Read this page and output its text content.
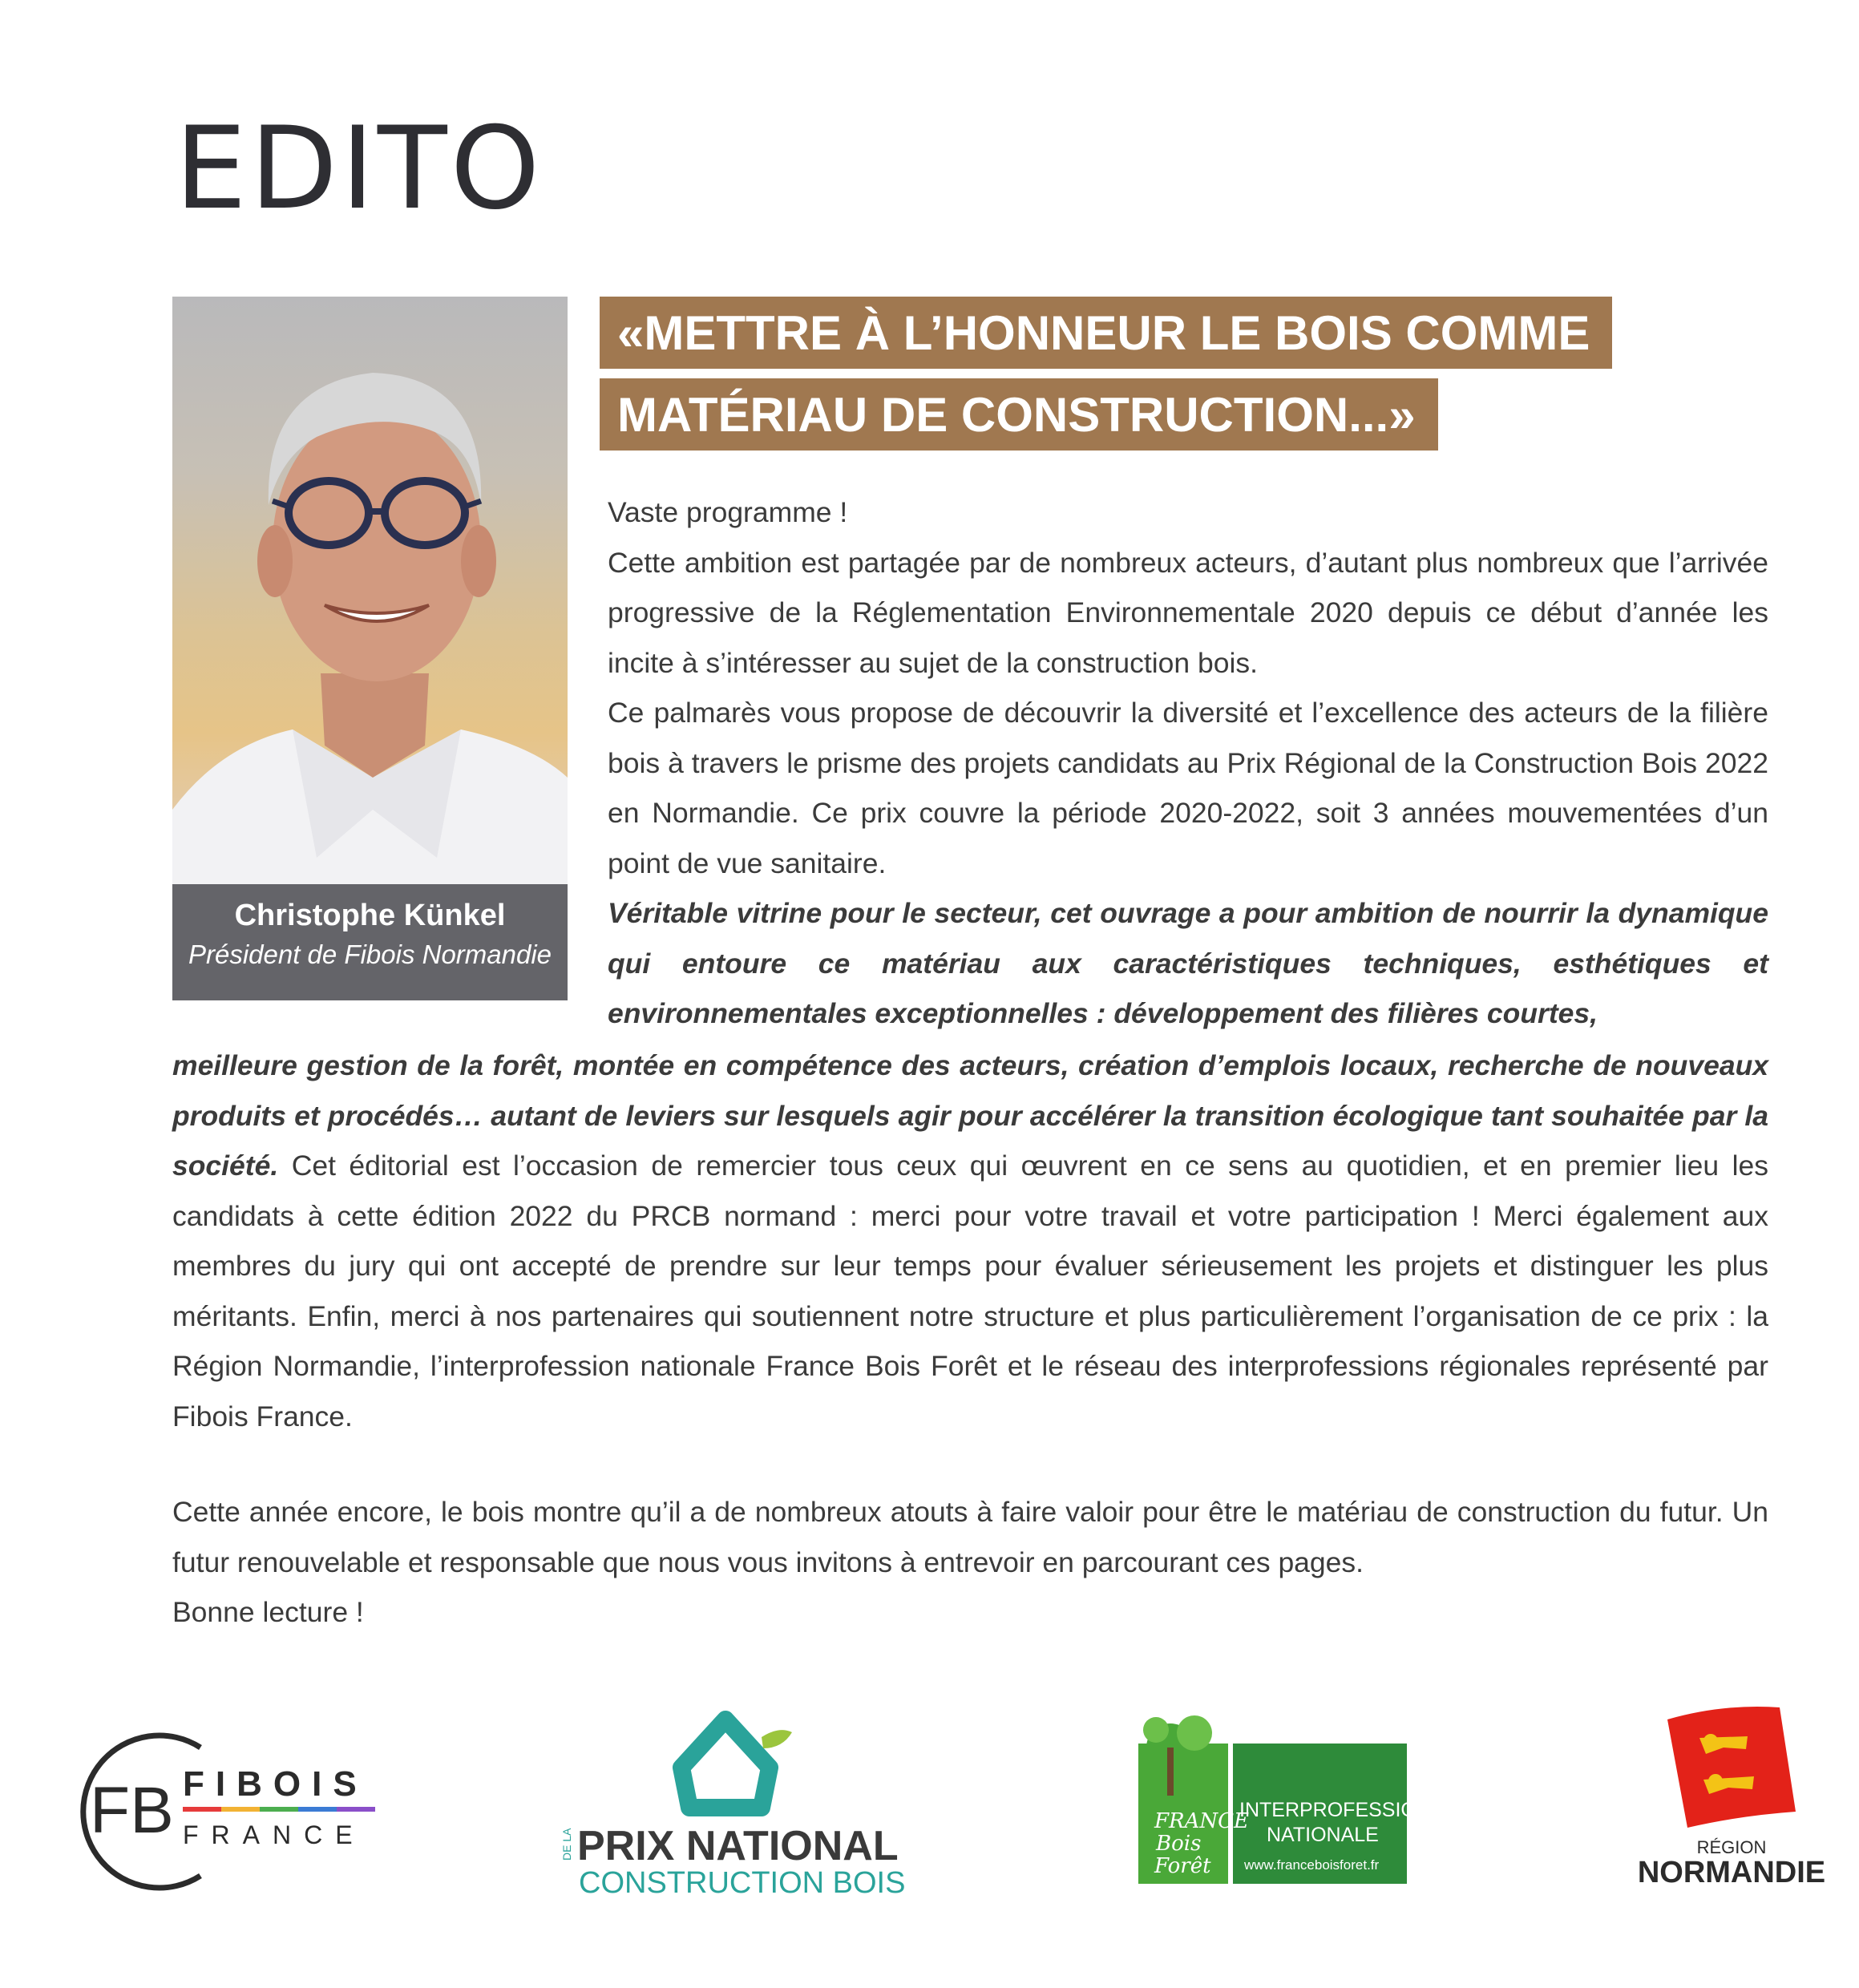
EDITO
Christophe Künkel
Président de Fibois Normandie
«METTRE À L’HONNEUR LE BOIS COMME
MATÉRIAU DE CONSTRUCTION...»
Vaste programme !
Cette ambition est partagée par de nombreux acteurs, d’autant plus nombreux que l’arrivée progressive de la Réglementation Environnementale 2020 depuis ce début d’année les incite à s’intéresser au sujet de la construction bois.
Ce palmarès vous propose de découvrir la diversité et l’excellence des acteurs de la filière bois à travers le prisme des projets candidats au Prix Régional de la Construction Bois 2022 en Normandie. Ce prix couvre la période 2020-2022, soit 3 années mouvementées d’un point de vue sanitaire.
Véritable vitrine pour le secteur, cet ouvrage a pour ambition de nourrir la dynamique qui entoure ce matériau aux caractéristiques techniques, esthétiques et environnementales exceptionnelles : développement des filières courtes,

meilleure gestion de la forêt, montée en compétence des acteurs, création d’emplois locaux, recherche de nouveaux produits et procédés… autant de leviers sur lesquels agir pour accélérer la transition écologique tant souhaitée par la société. Cet éditorial est l’occasion de remercier tous ceux qui œuvrent en ce sens au quotidien, et en premier lieu les candidats à cette édition 2022 du PRCB normand : merci pour votre travail et votre participation ! Merci également aux membres du jury qui ont accepté de prendre sur leur temps pour évaluer sérieusement les projets et distinguer les plus méritants. Enfin, merci à nos partenaires qui soutiennent notre structure et plus particulièrement l’organisation de ce prix : la Région Normandie, l’interprofession nationale France Bois Forêt et le réseau des interprofessions régionales représenté par Fibois France.

Cette année encore, le bois montre qu’il a de nombreux atouts à faire valoir pour être le matériau de construction du futur. Un futur renouvelable et responsable que nous vous invitons à entrevoir en parcourant ces pages.
Bonne lecture !
FB FIBOIS
FRANCE	DE LA PRIX NATIONAL
CONSTRUCTION BOIS
FRANCE
Bois
Forêt
INTERPROFESSION
NATIONALE
www.franceboisforet.fr
RÉGION
NORMANDIE
